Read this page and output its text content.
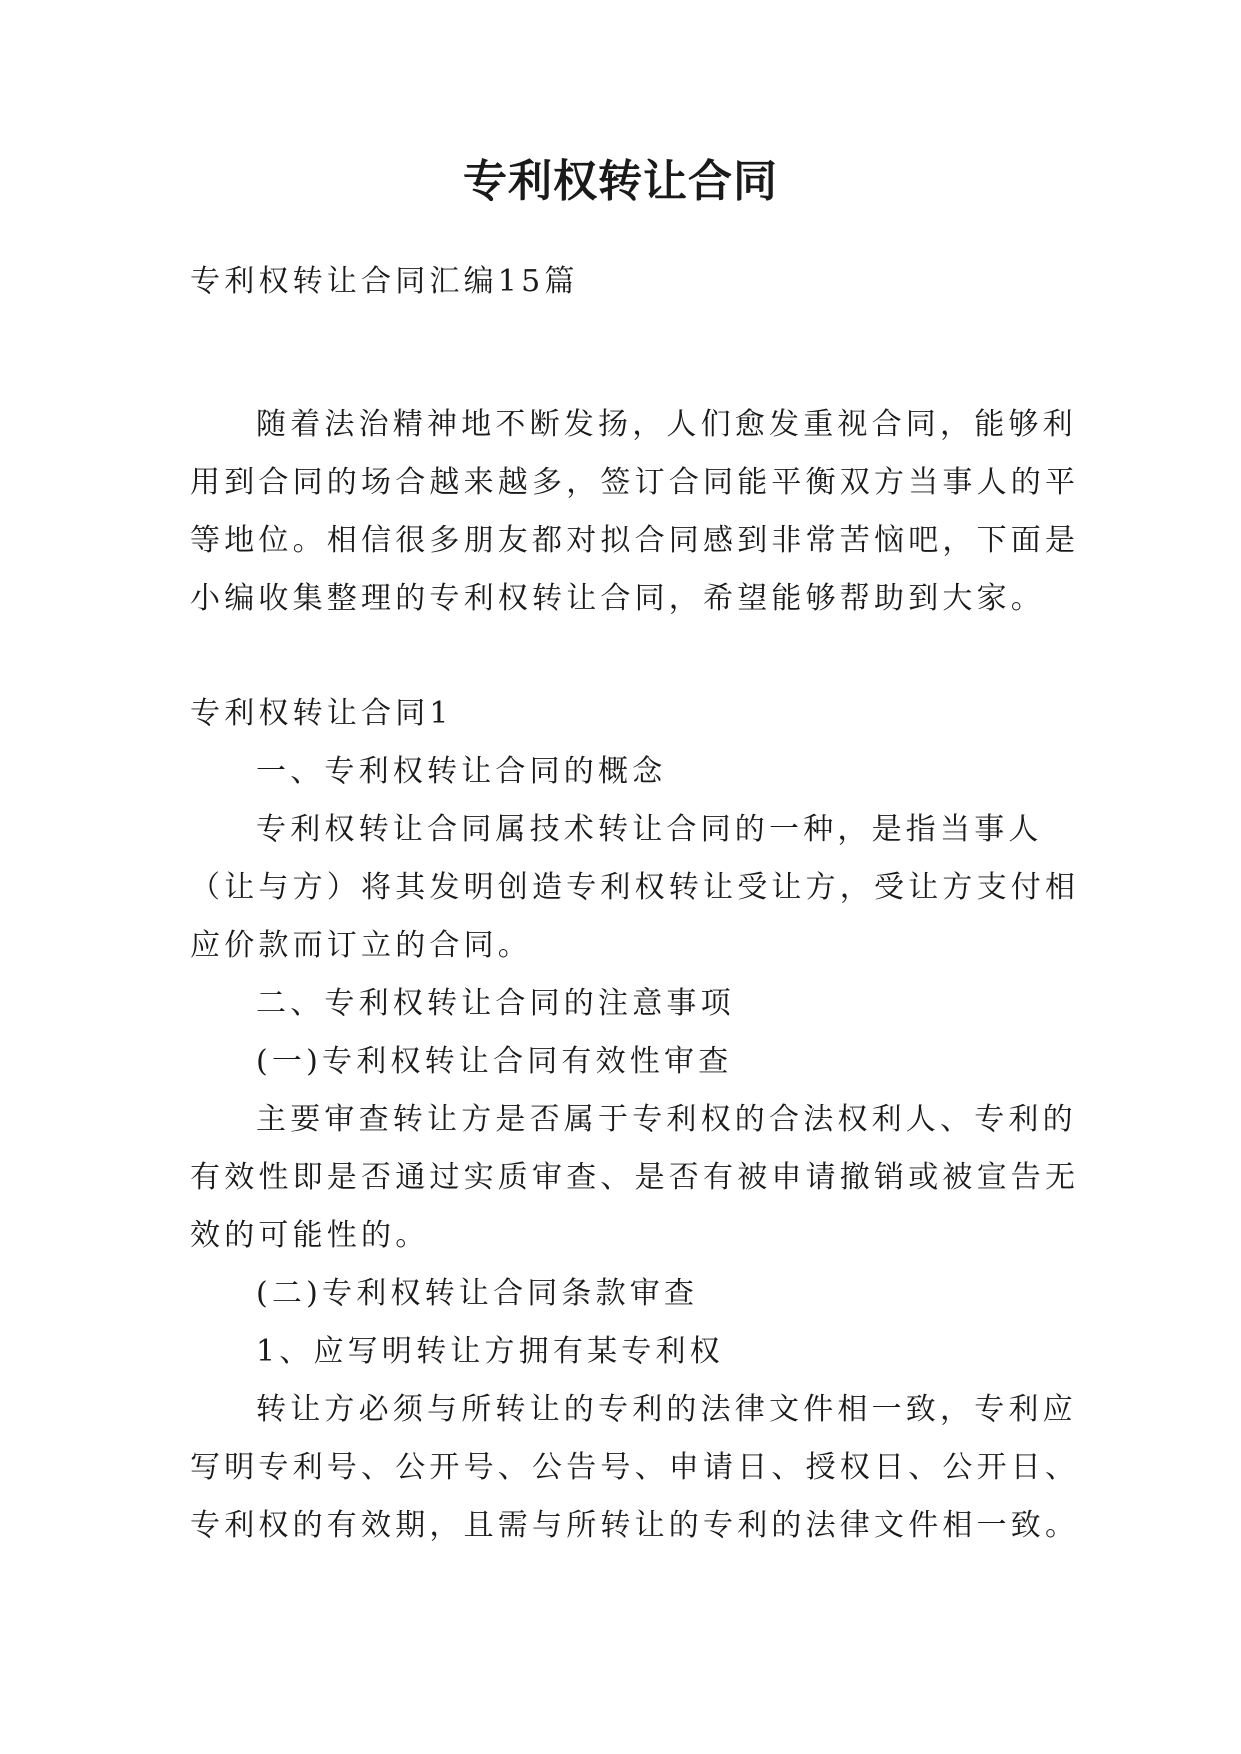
专利权转让合同
专利权转让合同汇编15篇
随着法治精神地不断发扬，人们愈发重视合同，能够利
用到合同的场合越来越多，签订合同能平衡双方当事人的平
等地位。相信很多朋友都对拟合同感到非常苦恼吧，下面是
小编收集整理的专利权转让合同，希望能够帮助到大家。
专利权转让合同1
一、专利权转让合同的概念
专利权转让合同属技术转让合同的一种，是指当事人
（让与方）将其发明创造专利权转让受让方，受让方支付相
应价款而订立的合同。
二、专利权转让合同的注意事项
(一)专利权转让合同有效性审查
主要审查转让方是否属于专利权的合法权利人、专利的
有效性即是否通过实质审查、是否有被申请撤销或被宣告无
效的可能性的。
(二)专利权转让合同条款审查
1、应写明转让方拥有某专利权
转让方必须与所转让的专利的法律文件相一致，专利应
写明专利号、公开号、公告号、申请日、授权日、公开日、
专利权的有效期，且需与所转让的专利的法律文件相一致。
